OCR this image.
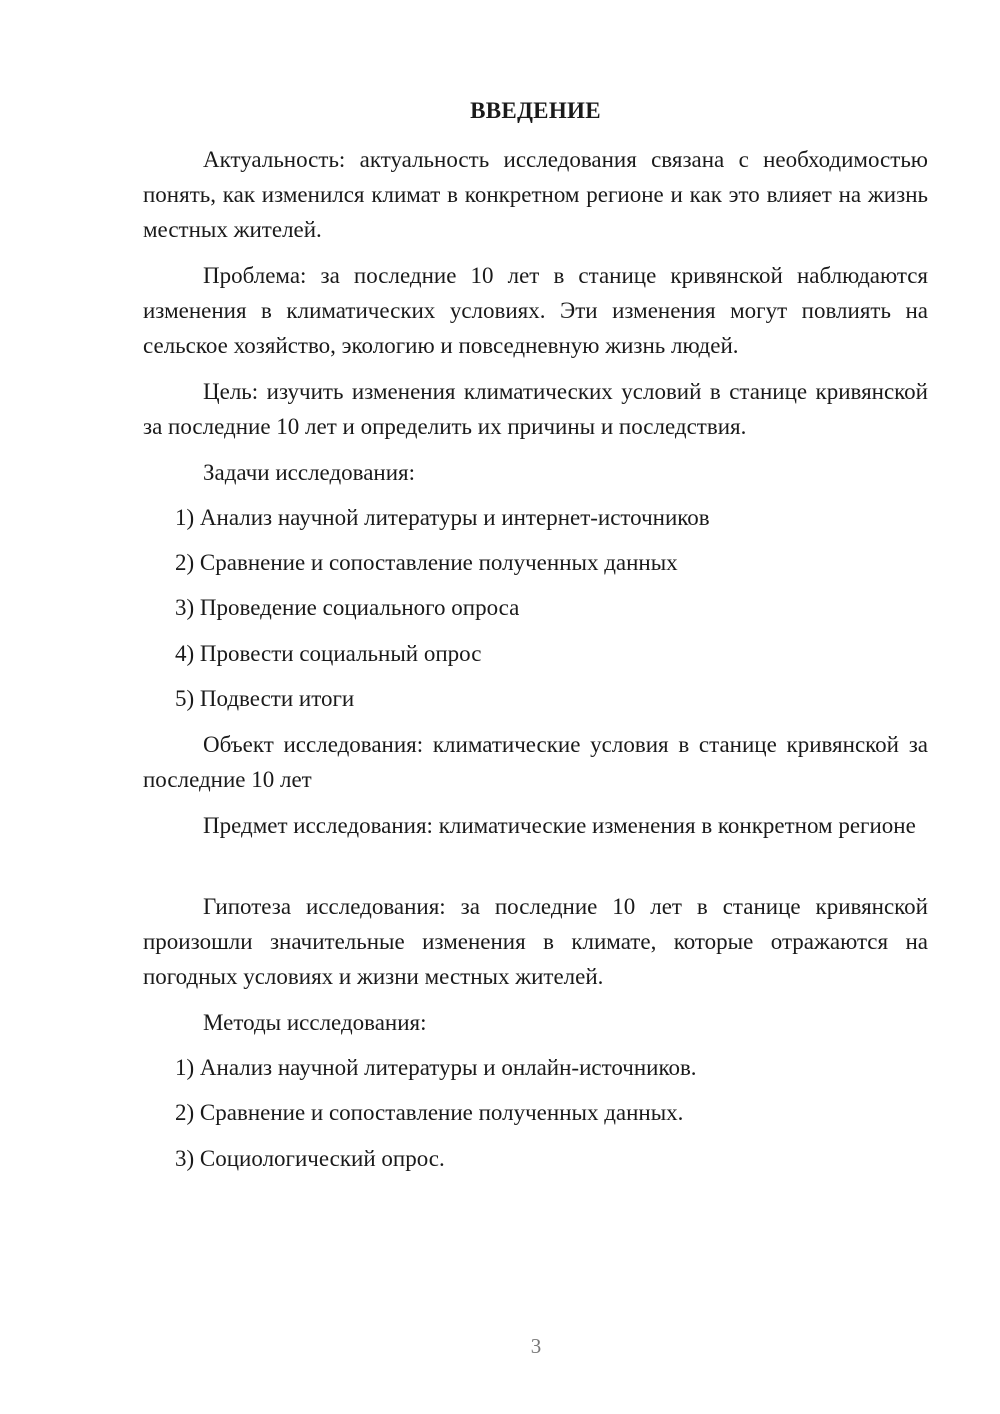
ВВЕДЕНИЕ

Актуальность: актуальность исследования связана с необходимостью понять, как изменился климат в конкретном регионе и как это влияет на жизнь местных жителей.

Проблема: за последние 10 лет в станице кривянской наблюдаются изменения в климатических условиях. Эти изменения могут повлиять на сельское хозяйство, экологию и повседневную жизнь людей.

Цель: изучить изменения климатических условий в станице кривянской за последние 10 лет и определить их причины и последствия.

Задачи исследования:
1) Анализ научной литературы и интернет-источников
2) Сравнение и сопоставление полученных данных
3) Проведение социального опроса
4) Провести социальный опрос
5) Подвести итоги

Объект исследования: климатические условия в станице кривянской за последние 10 лет

Предмет исследования: климатические изменения в конкретном регионе

Гипотеза исследования: за последние 10 лет в станице кривянской произошли значительные изменения в климате, которые отражаются на погодных условиях и жизни местных жителей.

Методы исследования:
1) Анализ научной литературы и онлайн-источников.
2) Сравнение и сопоставление полученных данных.
3) Социологический опрос.
3
